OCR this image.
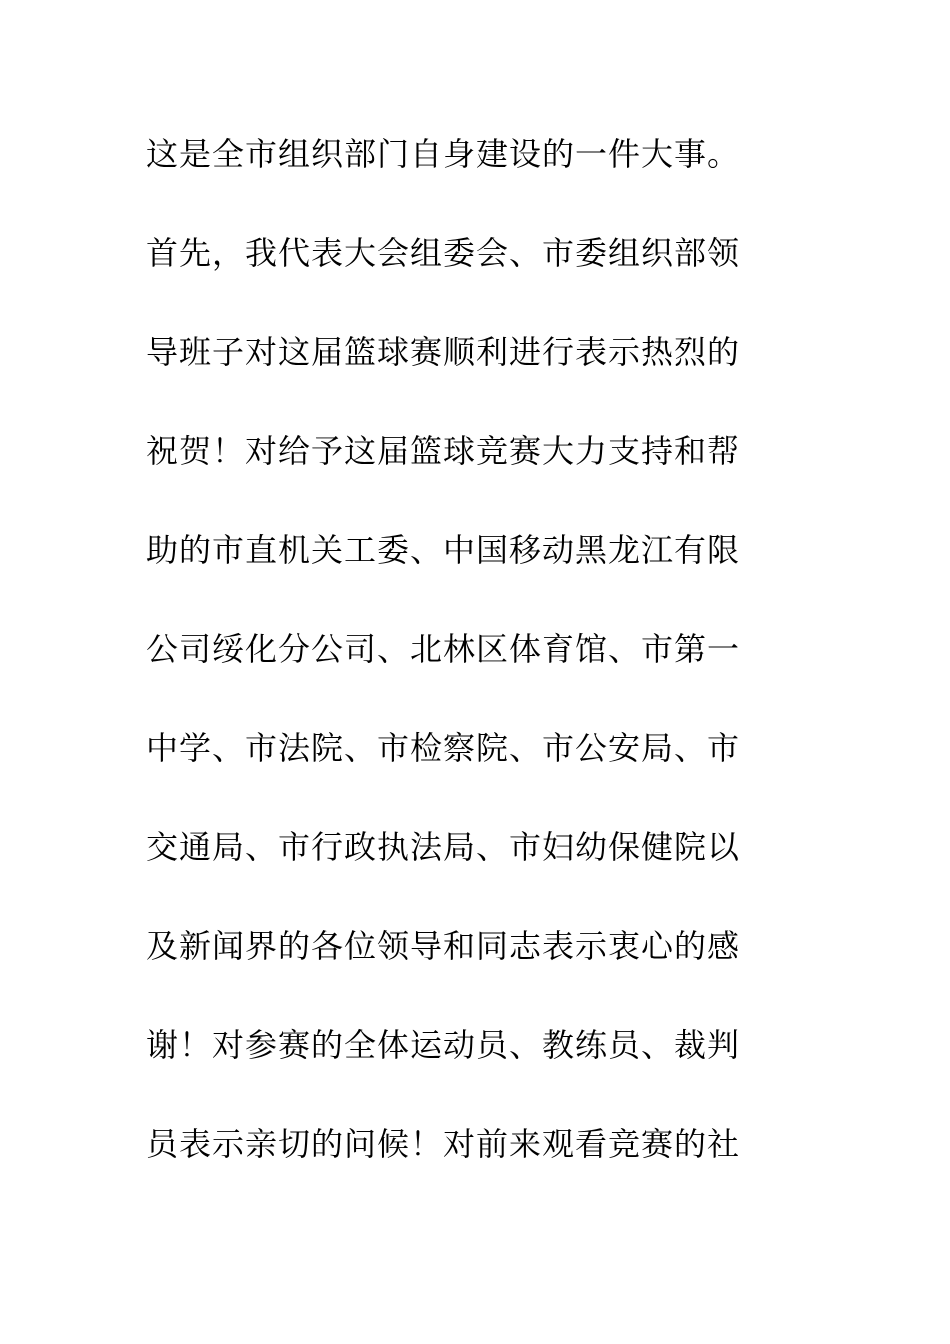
这是全市组织部门自身建设的一件大事。
首先，我代表大会组委会、市委组织部领
导班子对这届篮球赛顺利进行表示热烈的
祝贺！对给予这届篮球竞赛大力支持和帮
助的市直机关工委、中国移动黑龙江有限
公司绥化分公司、北林区体育馆、市第一
中学、市法院、市检察院、市公安局、市
交通局、市行政执法局、市妇幼保健院以
及新闻界的各位领导和同志表示衷心的感
谢！对参赛的全体运动员、教练员、裁判
员表示亲切的问候！对前来观看竞赛的社
